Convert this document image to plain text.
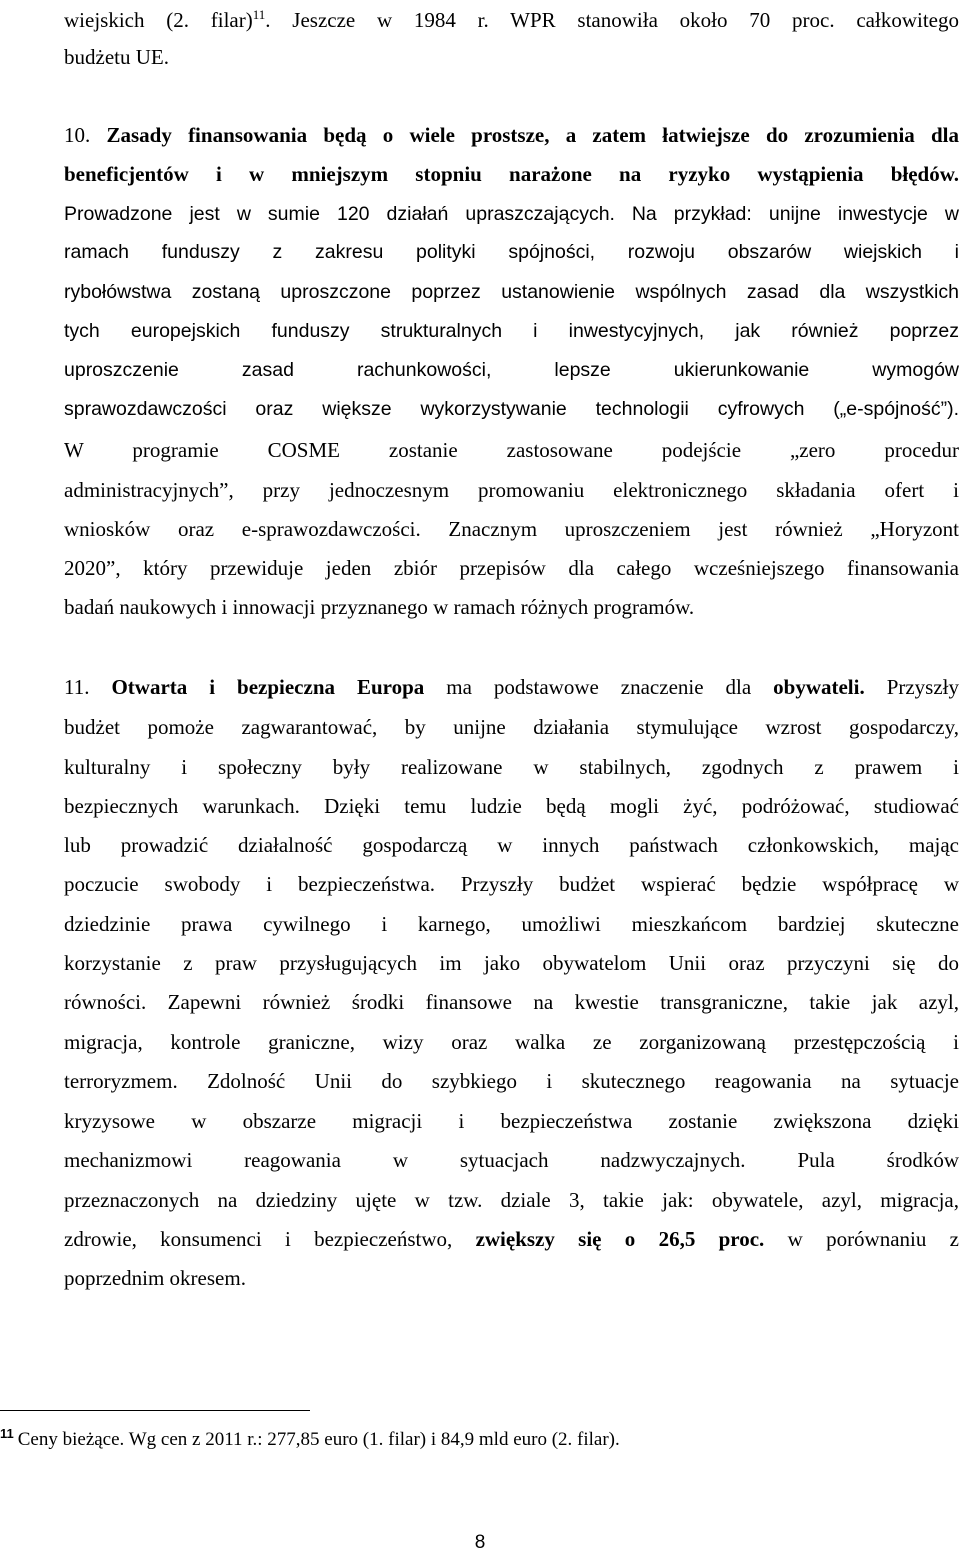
wiejskich (2. filar)$^{11}$. Jeszcze w 1984 r. WPR stanowiła około 70 proc. całkowitego
budżetu UE.
10. Zasady finansowania będą o wiele prostsze, a zatem łatwiejsze do zrozumienia dla
beneficjentów i w mniejszym stopniu narażone na ryzyko wystąpienia błędów.
Prowadzone jest w sumie 120 działań upraszczających. Na przykład: unijne inwestycje w
ramach funduszy z zakresu polityki spójności, rozwoju obszarów wiejskich i
rybołówstwa zostaną uproszczone poprzez ustanowienie wspólnych zasad dla wszystkich
tych europejskich funduszy strukturalnych i inwestycyjnych, jak również poprzez
uproszczenie zasad rachunkowości, lepsze ukierunkowanie wymogów
sprawozdawczości oraz większe wykorzystywanie technologii cyfrowych („e-spójność”).
W programie COSME zostanie zastosowane podejście „zero procedur
administracyjnych”, przy jednoczesnym promowaniu elektronicznego składania ofert i
wniosków oraz e-sprawozdawczości. Znacznym uproszczeniem jest również „Horyzont
2020”, który przewiduje jeden zbiór przepisów dla całego wcześniejszego finansowania
badań naukowych i innowacji przyznanego w ramach różnych programów.
11. Otwarta i bezpieczna Europa ma podstawowe znaczenie dla obywateli. Przyszły
budżet pomoże zagwarantować, by unijne działania stymulujące wzrost gospodarczy,
kulturalny i społeczny były realizowane w stabilnych, zgodnych z prawem i
bezpiecznych warunkach. Dzięki temu ludzie będą mogli żyć, podróżować, studiować
lub prowadzić działalność gospodarczą w innych państwach członkowskich, mając
poczucie swobody i bezpieczeństwa. Przyszły budżet wspierać będzie współpracę w
dziedzinie prawa cywilnego i karnego, umożliwi mieszkańcom bardziej skuteczne
korzystanie z praw przysługujących im jako obywatelom Unii oraz przyczyni się do
równości. Zapewni również środki finansowe na kwestie transgraniczne, takie jak azyl,
migracja, kontrole graniczne, wizy oraz walka ze zorganizowaną przestępczością i
terroryzmem. Zdolność Unii do szybkiego i skutecznego reagowania na sytuacje
kryzysowe w obszarze migracji i bezpieczeństwa zostanie zwiększona dzięki
mechanizmowi reagowania w sytuacjach nadzwyczajnych. Pula środków
przeznaczonych na dziedziny ujęte w tzw. dziale 3, takie jak: obywatele, azyl, migracja,
zdrowie, konsumenci i bezpieczeństwo, zwiększy się o 26,5 proc. w porównaniu z
poprzednim okresem.
$^{11}$ Ceny bieżące. Wg cen z 2011 r.: 277,85 euro (1. filar) i 84,9 mld euro (2. filar).
8
